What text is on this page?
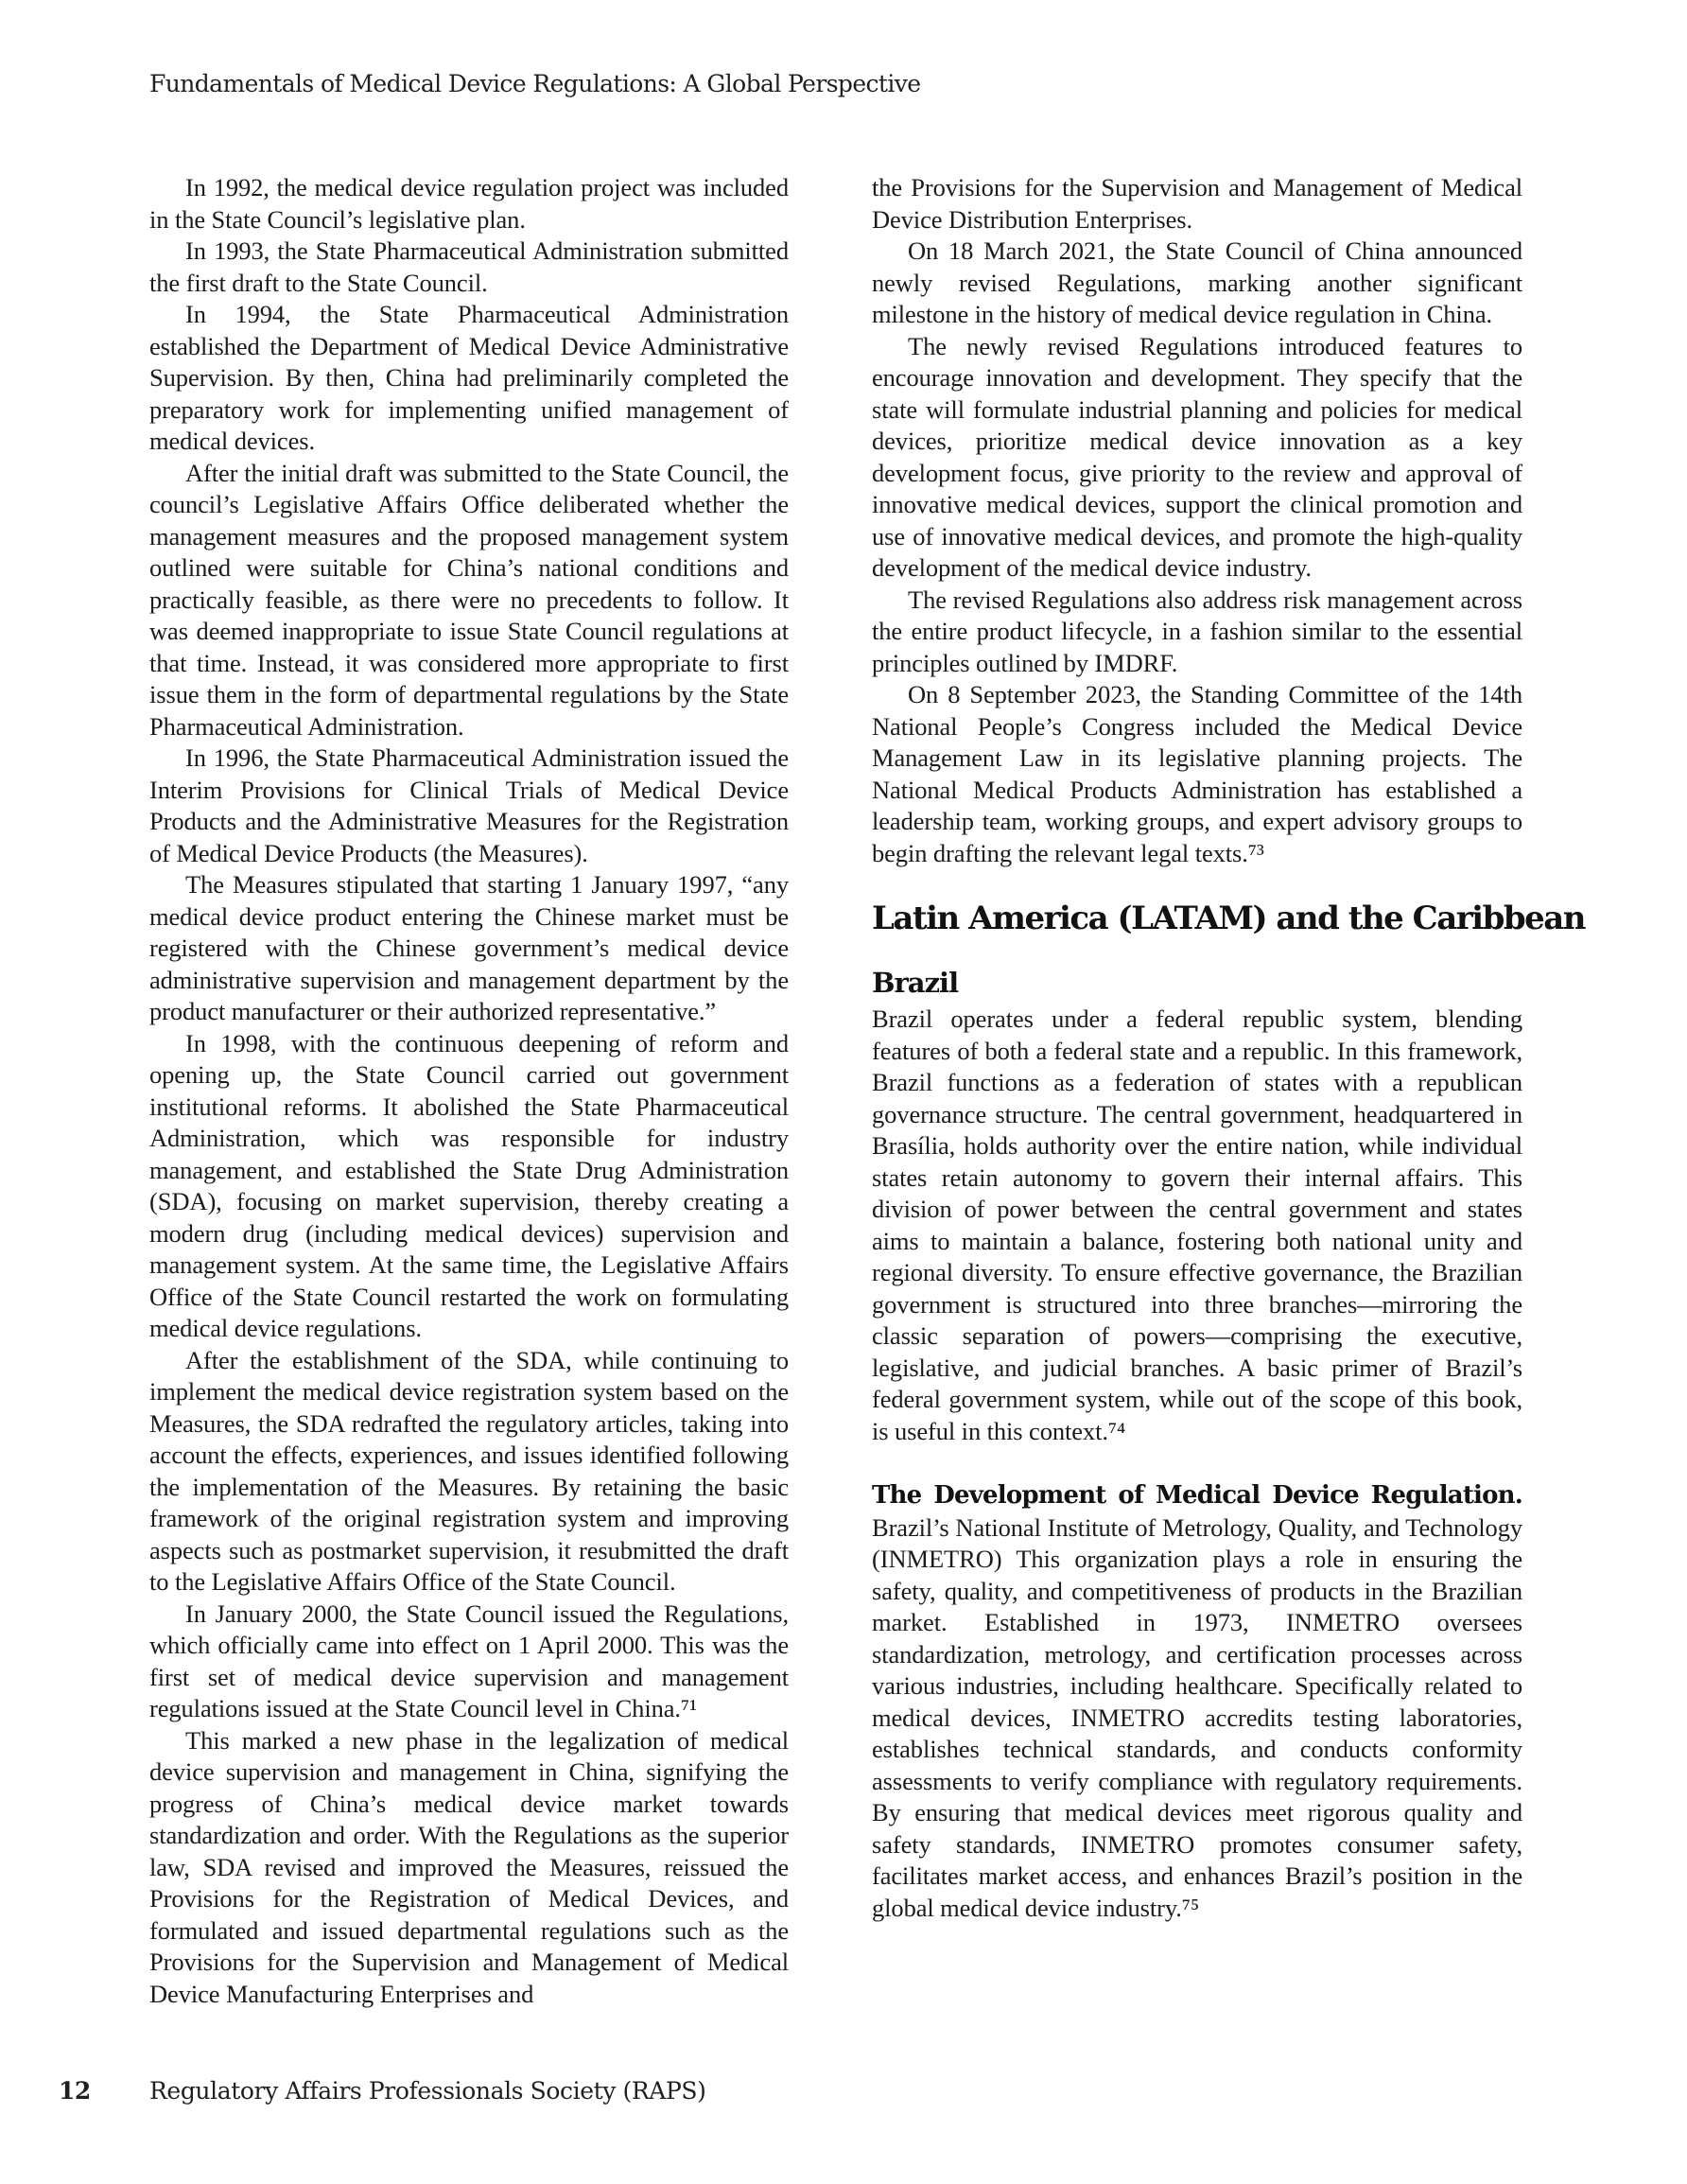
Fundamentals of Medical Device Regulations: A Global Perspective

In 1992, the medical device regulation project was included in the State Council’s legislative plan.

In 1993, the State Pharmaceutical Administration submitted the first draft to the State Council.

In 1994, the State Pharmaceutical Administration established the Department of Medical Device Administrative Supervision. By then, China had preliminarily completed the preparatory work for implementing unified management of medical devices.

After the initial draft was submitted to the State Council, the council’s Legislative Affairs Office deliberated whether the management measures and the proposed management system outlined were suitable for China’s national conditions and practically feasible, as there were no precedents to follow. It was deemed inappropriate to issue State Council regulations at that time. Instead, it was considered more appropriate to first issue them in the form of departmental regulations by the State Pharmaceutical Administration.

In 1996, the State Pharmaceutical Administration issued the Interim Provisions for Clinical Trials of Medical Device Products and the Administrative Measures for the Registration of Medical Device Products (the Measures).

The Measures stipulated that starting 1 January 1997, “any medical device product entering the Chinese market must be registered with the Chinese government’s medical device administrative supervision and management department by the product manufacturer or their authorized representative.”

In 1998, with the continuous deepening of reform and opening up, the State Council carried out government institutional reforms. It abolished the State Pharmaceutical Administration, which was responsible for industry management, and established the State Drug Administration (SDA), focusing on market supervision, thereby creating a modern drug (including medical devices) supervision and management system. At the same time, the Legislative Affairs Office of the State Council restarted the work on formulating medical device regulations.

After the establishment of the SDA, while continuing to implement the medical device registration system based on the Measures, the SDA redrafted the regulatory articles, taking into account the effects, experiences, and issues identified following the implementation of the Measures. By retaining the basic framework of the original registration system and improving aspects such as postmarket supervision, it resubmitted the draft to the Legislative Affairs Office of the State Council.

In January 2000, the State Council issued the Regulations, which officially came into effect on 1 April 2000. This was the first set of medical device supervision and management regulations issued at the State Council level in China.⁷¹

This marked a new phase in the legalization of medical device supervision and management in China, signifying the progress of China’s medical device market towards standardization and order. With the Regulations as the superior law, SDA revised and improved the Measures, reissued the Provisions for the Registration of Medical Devices, and formulated and issued departmental regulations such as the Provisions for the Supervision and Management of Medical Device Manufacturing Enterprises and

the Provisions for the Supervision and Management of Medical Device Distribution Enterprises.

On 18 March 2021, the State Council of China announced newly revised Regulations, marking another significant milestone in the history of medical device regulation in China.

The newly revised Regulations introduced features to encourage innovation and development. They specify that the state will formulate industrial planning and policies for medical devices, prioritize medical device innovation as a key development focus, give priority to the review and approval of innovative medical devices, support the clinical promotion and use of innovative medical devices, and promote the high-quality development of the medical device industry.

The revised Regulations also address risk management across the entire product lifecycle, in a fashion similar to the essential principles outlined by IMDRF.

On 8 September 2023, the Standing Committee of the 14th National People’s Congress included the Medical Device Management Law in its legislative planning projects. The National Medical Products Administration has established a leadership team, working groups, and expert advisory groups to begin drafting the relevant legal texts.⁷³

Latin America (LATAM) and the Caribbean
Brazil

Brazil operates under a federal republic system, blending features of both a federal state and a republic. In this framework, Brazil functions as a federation of states with a republican governance structure. The central government, headquartered in Brasília, holds authority over the entire nation, while individual states retain autonomy to govern their internal affairs. This division of power between the central government and states aims to maintain a balance, fostering both national unity and regional diversity. To ensure effective governance, the Brazilian government is structured into three branches—mirroring the classic separation of powers—comprising the executive, legislative, and judicial branches. A basic primer of Brazil’s federal government system, while out of the scope of this book, is useful in this context.⁷⁴

The Development of Medical Device Regulation. Brazil’s National Institute of Metrology, Quality, and Technology (INMETRO) This organization plays a role in ensuring the safety, quality, and competitiveness of products in the Brazilian market. Established in 1973, INMETRO oversees standardization, metrology, and certification processes across various industries, including healthcare. Specifically related to medical devices, INMETRO accredits testing laboratories, establishes technical standards, and conducts conformity assessments to verify compliance with regulatory requirements. By ensuring that medical devices meet rigorous quality and safety standards, INMETRO promotes consumer safety, facilitates market access, and enhances Brazil’s position in the global medical device industry.⁷⁵

12 Regulatory Affairs Professionals Society (RAPS)
